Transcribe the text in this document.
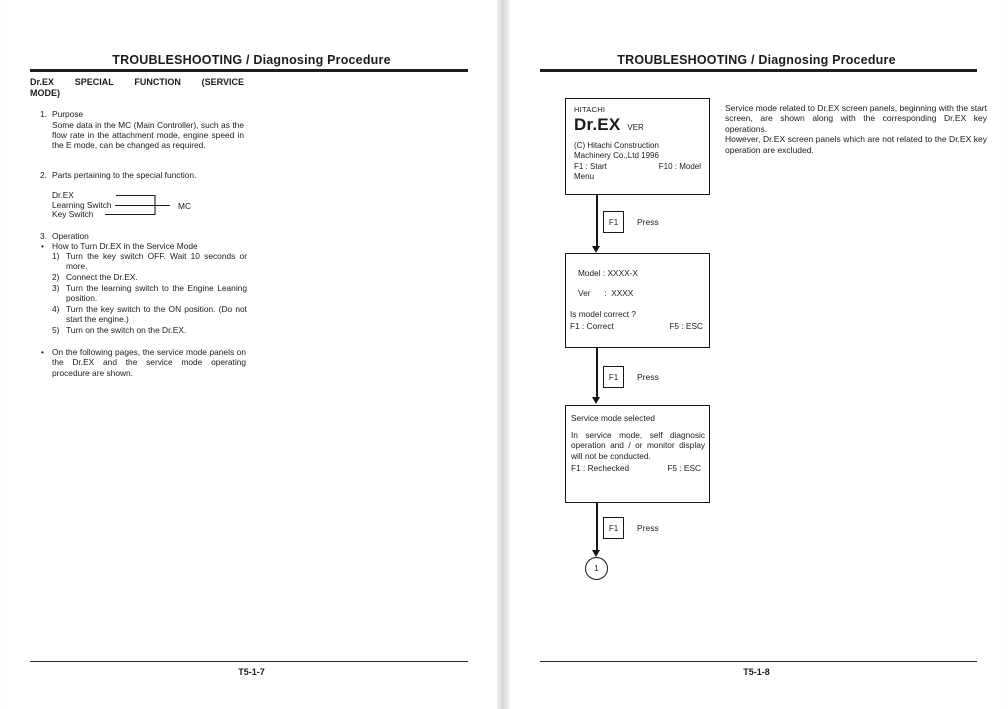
TROUBLESHOOTING / Diagnosing Procedure
Dr.EX SPECIAL FUNCTION (SERVICE
MODE)
1. Purpose
Some data in the MC (Main Controller), such as the flow rate in the attachment mode, engine speed in the E mode, can be changed as required.
2. Parts pertaining to the special function.
Dr.EX
Learning Switch
Key Switch
MC
3. Operation
• How to Turn Dr.EX in the Service Mode
1) Turn the key switch OFF. Wait 10 seconds or more.
2) Connect the Dr.EX.
3) Turn the learning switch to the Engine Leaning position.
4) Turn the key switch to the ON position. (Do not start the engine.)
5) Turn on the switch on the Dr.EX.
• On the following pages, the service mode panels on the Dr.EX and the service mode operating procedure are shown.
T5-1-7
TROUBLESHOOTING / Diagnosing Procedure
Service mode related to Dr.EX screen panels, beginning with the start screen, are shown along with the corresponding Dr.EX key operations.
However, Dr.EX screen panels which are not related to the Dr.EX key operation are excluded.
HITACHI
Dr.EX VER
(C) Hitachi Construction
Machinery Co.,Ltd 1996
F1 : Start	F10 : Model
Menu
F1	Press
Model : XXXX-X
Ver      :  XXXX
Is model correct ?
F1 : Correct	F5 : ESC
F1	Press
Service mode selected
In service mode, self diagnosic operation and / or monitor display will not be conducted.
F1 : Rechecked	F5 : ESC
F1	Press
1
T5-1-8
